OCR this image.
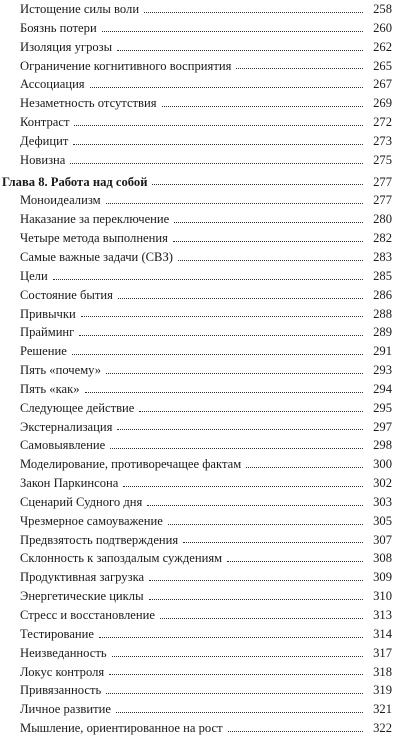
Истощение силы воли	258
Боязнь потери	260
Изоляция угрозы	262
Ограничение когнитивного восприятия	265
Ассоциация	267
Незаметность отсутствия	269
Контраст	272
Дефицит	273
Новизна	275
Глава 8. Работа над собой	277
Моноидеализм	277
Наказание за переключение	280
Четыре метода выполнения	282
Самые важные задачи (СВЗ)	283
Цели	285
Состояние бытия	286
Привычки	288
Прайминг	289
Решение	291
Пять «почему»	293
Пять «как»	294
Следующее действие	295
Экстернализация	297
Самовыявление	298
Моделирование, противоречащее фактам	300
Закон Паркинсона	302
Сценарий Судного дня	303
Чрезмерное самоуважение	305
Предвзятость подтверждения	307
Склонность к запоздалым суждениям	308
Продуктивная загрузка	309
Энергетические циклы	310
Стресс и восстановление	313
Тестирование	314
Неизведанность	317
Локус контроля	318
Привязанность	319
Личное развитие	321
Мышление, ориентированное на рост	322
